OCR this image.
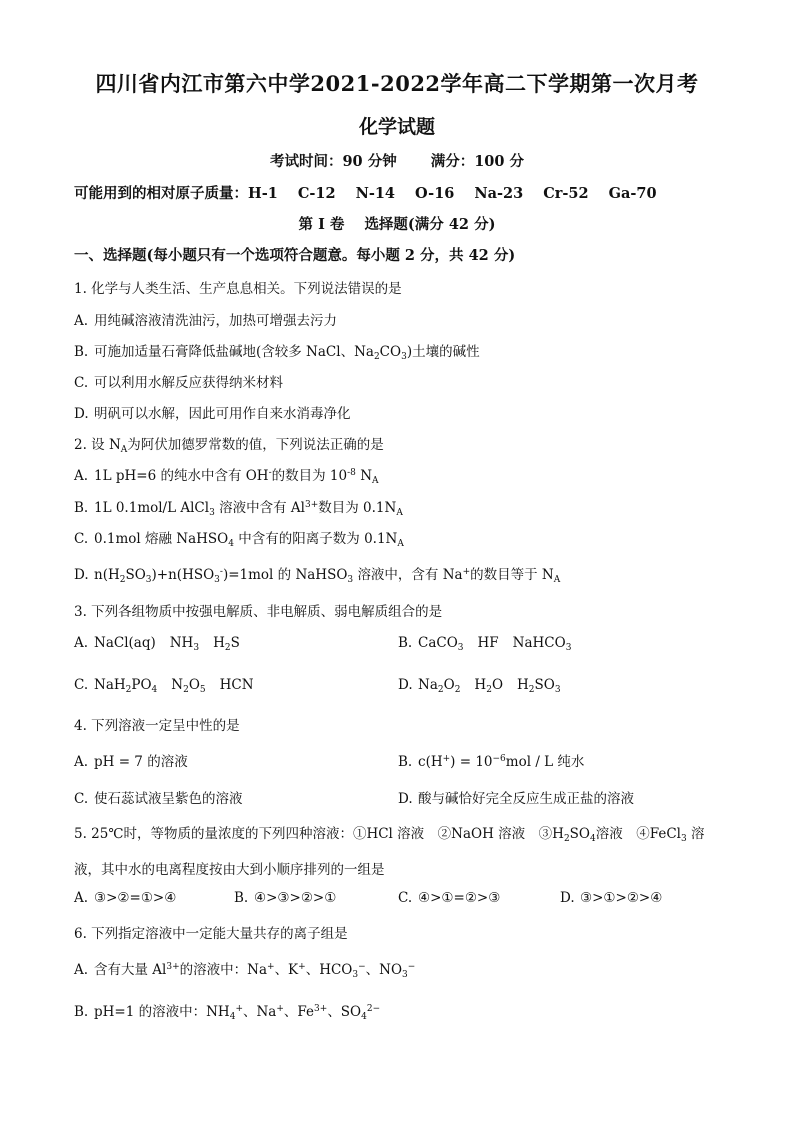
四川省内江市第六中学2021-2022学年高二下学期第一次月考
化学试题
考试时间：90 分钟 满分：100 分
可能用到的相对原子质量：H-1 C-12 N-14 O-16 Na-23 Cr-52 Ga-70
第 I 卷 选择题(满分 42 分)
一、选择题(每小题只有一个选项符合题意。每小题 2 分，共 42 分)
1. 化学与人类生活、生产息息相关。下列说法错误的是
A. 用纯碱溶液清洗油污，加热可增强去污力
B. 可施加适量石膏降低盐碱地(含较多 NaCl、$Na_2CO_3$)土壤的碱性
C. 可以利用水解反应获得纳米材料
D. 明矾可以水解，因此可用作自来水消毒净化
2. 设 $N_A$为阿伏加德罗常数的值，下列说法正确的是
A. 1L pH=6 的纯水中含有 OH-的数目为 $10^{-8}$ $N_A$
B. 1L 0.1mol/L AlCl$_3$ 溶液中含有 $Al^{3+}$数目为 $0.1N_A$
C. 0.1mol 熔融 NaHSO$_4$ 中含有的阳离子数为 $0.1N_A$
D. $n(H_2SO_3)+n(HSO_3^-)=1mol$ 的 NaHSO$_3$ 溶液中，含有 Na+的数目等于 $N_A$
3. 下列各组物质中按强电解质、非电解质、弱电解质组合的是
A. NaCl(aq) $NH_3$ $H_2S$	B. CaCO$_3$ HF NaHCO$_3$
C. $NaH_2PO_4$ $N_2O_5$ HCN	D. $Na_2O_2$ $H_2O$ $H_2SO_3$
4. 下列溶液一定呈中性的是
A. pH = 7 的溶液	B. $c(H^+) = 10^{-6}mol / L$ 纯水
C. 使石蕊试液呈紫色的溶液	D. 酸与碱恰好完全反应生成正盐的溶液
5. 25℃时，等物质的量浓度的下列四种溶液：①HCl 溶液　②NaOH 溶液　$③H_2SO_4$溶液　④FeCl$_3$ 溶
液，其中水的电离程度按由大到小顺序排列的一组是
A. ③>②=①>④	B. ④>③>②>①	C. ④>①=②>③	D. ③>①>②>④
6. 下列指定溶液中一定能大量共存的离子组是
A. 含有大量 $Al^{3+}$的溶液中：Na+、K+、$HCO_3^-$、$NO_3^-$
B. pH=1 的溶液中：$NH_4^+$、Na+、$Fe^{3+}$、$SO_4^{2-}$
